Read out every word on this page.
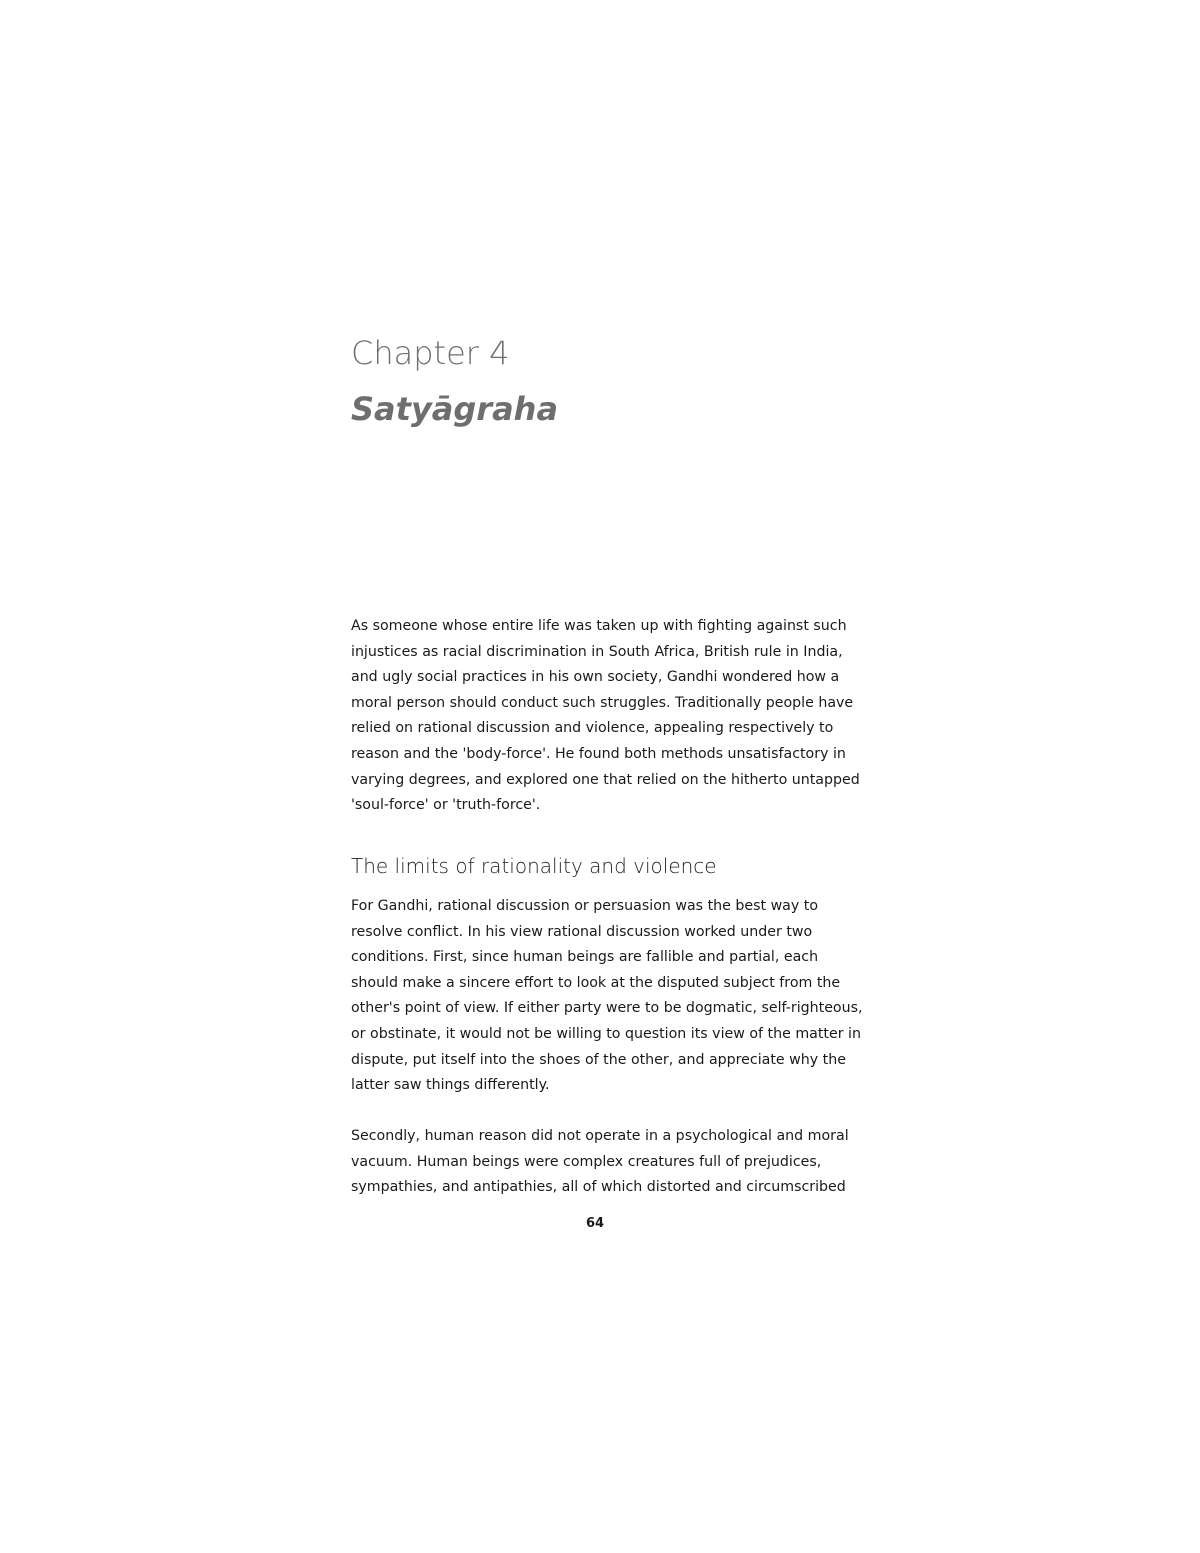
Chapter 4
Satyāgraha

As someone whose entire life was taken up with fighting against such
injustices as racial discrimination in South Africa, British rule in India,
and ugly social practices in his own society, Gandhi wondered how a
moral person should conduct such struggles. Traditionally people have
relied on rational discussion and violence, appealing respectively to
reason and the 'body-force'. He found both methods unsatisfactory in
varying degrees, and explored one that relied on the hitherto untapped
'soul-force' or 'truth-force'.

The limits of rationality and violence

For Gandhi, rational discussion or persuasion was the best way to
resolve conflict. In his view rational discussion worked under two
conditions. First, since human beings are fallible and partial, each
should make a sincere effort to look at the disputed subject from the
other's point of view. If either party were to be dogmatic, self-righteous,
or obstinate, it would not be willing to question its view of the matter in
dispute, put itself into the shoes of the other, and appreciate why the
latter saw things differently.

Secondly, human reason did not operate in a psychological and moral
vacuum. Human beings were complex creatures full of prejudices,
sympathies, and antipathies, all of which distorted and circumscribed

64
